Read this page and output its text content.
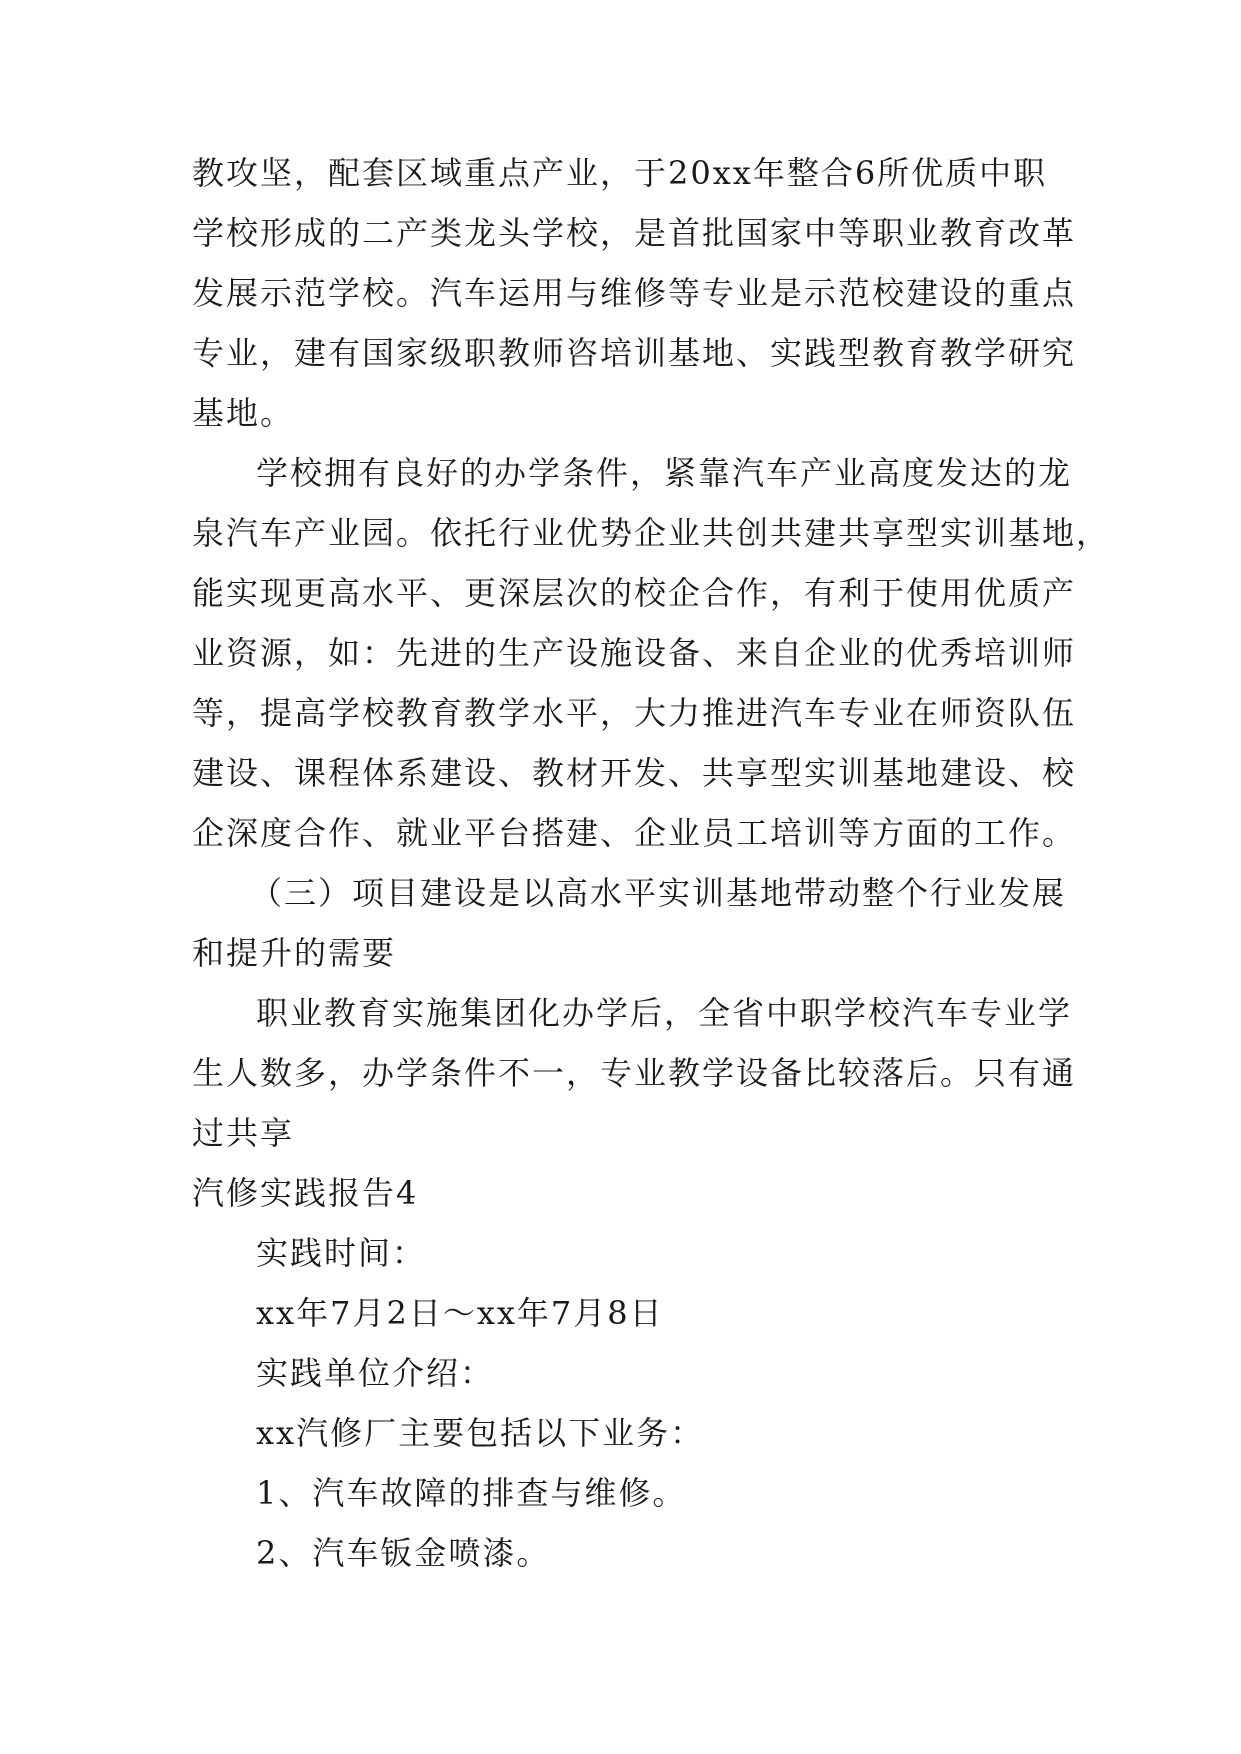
教攻坚，配套区域重点产业，于20xx年整合6所优质中职
学校形成的二产类龙头学校，是首批国家中等职业教育改革
发展示范学校。汽车运用与维修等专业是示范校建设的重点
专业，建有国家级职教师咨培训基地、实践型教育教学研究
基地。
学校拥有良好的办学条件，紧靠汽车产业高度发达的龙
泉汽车产业园。依托行业优势企业共创共建共享型实训基地，
能实现更高水平、更深层次的校企合作，有利于使用优质产
业资源，如：先进的生产设施设备、来自企业的优秀培训师
等，提高学校教育教学水平，大力推进汽车专业在师资队伍
建设、课程体系建设、教材开发、共享型实训基地建设、校
企深度合作、就业平台搭建、企业员工培训等方面的工作。
（三）项目建设是以高水平实训基地带动整个行业发展
和提升的需要
职业教育实施集团化办学后，全省中职学校汽车专业学
生人数多，办学条件不一，专业教学设备比较落后。只有通
过共享
汽修实践报告4
实践时间：
xx年7月2日～xx年7月8日
实践单位介绍：
xx汽修厂主要包括以下业务：
1、汽车故障的排查与维修。
2、汽车钣金喷漆。
